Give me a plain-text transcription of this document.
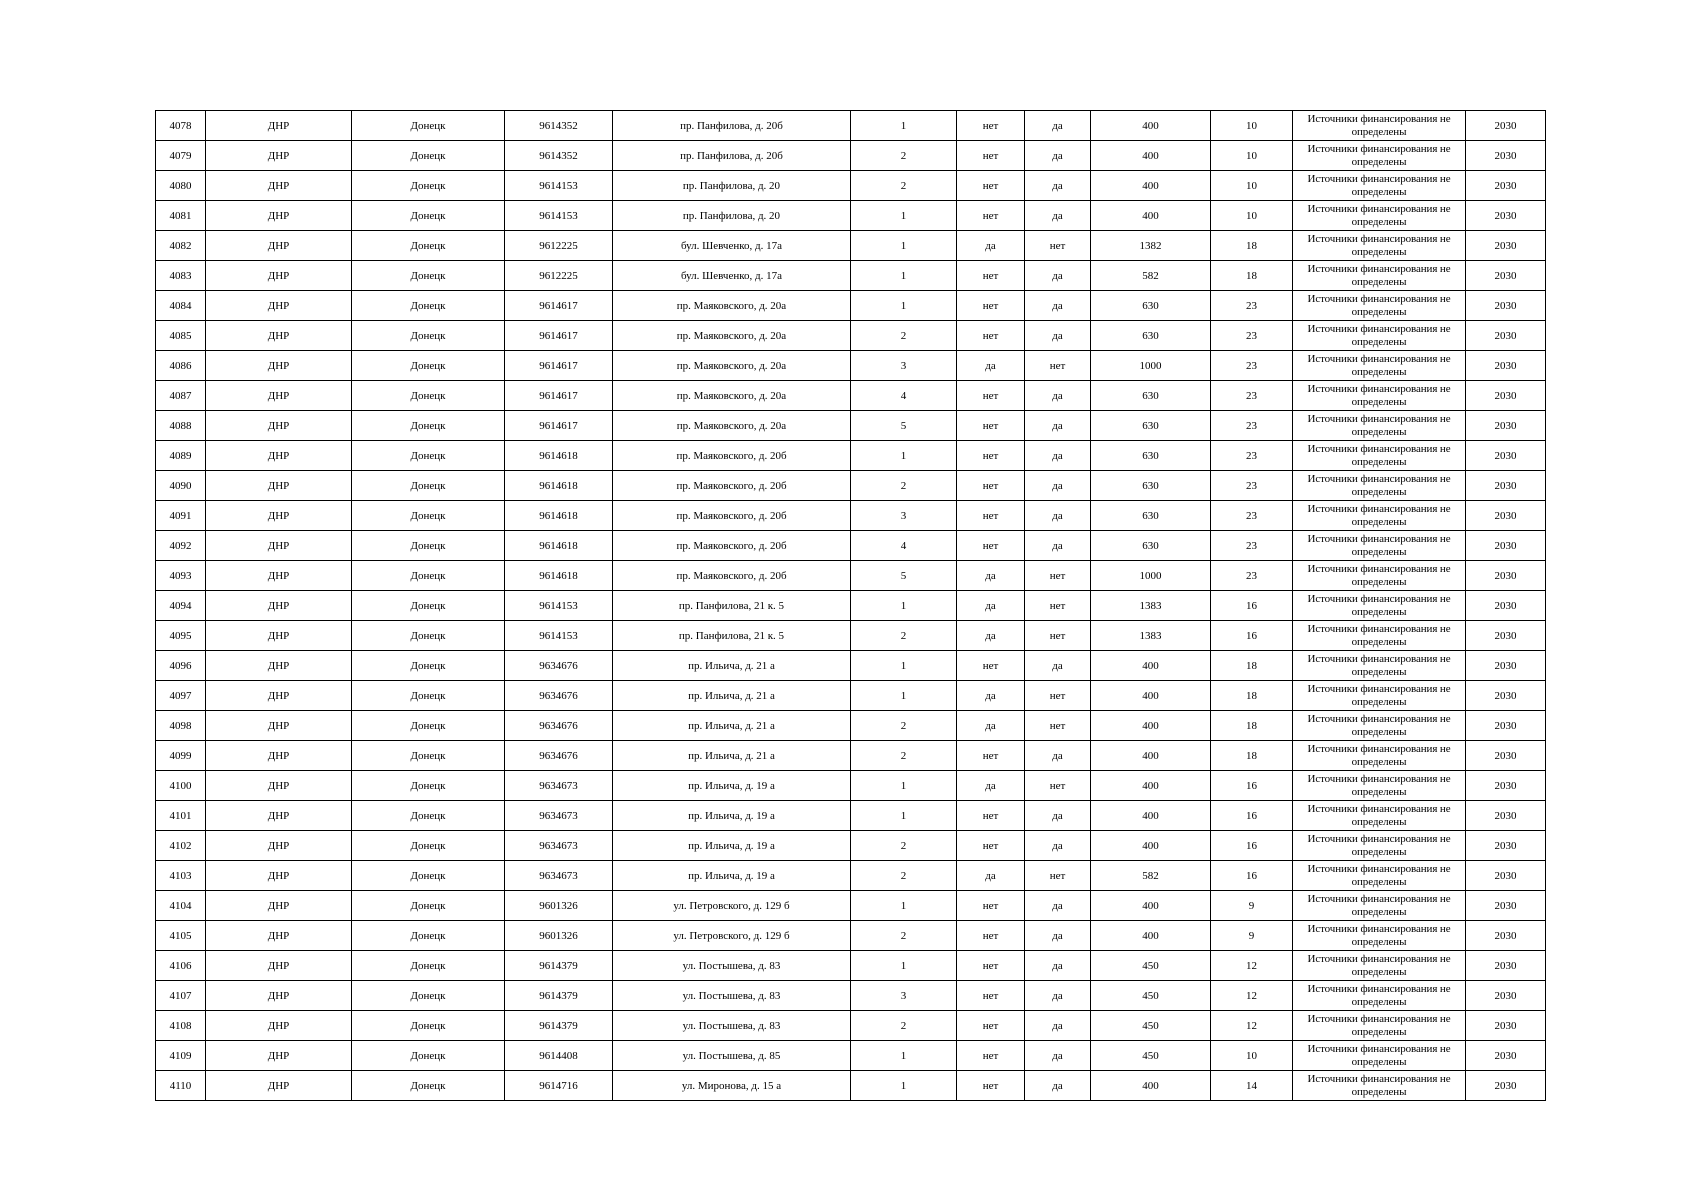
4078	ДНР	Донецк	9614352	пр. Панфилова, д. 20б	1	нет	да	400	10	Источники финансирования не определены	2030
4079	ДНР	Донецк	9614352	пр. Панфилова, д. 20б	2	нет	да	400	10	Источники финансирования не определены	2030
4080	ДНР	Донецк	9614153	пр. Панфилова, д. 20	2	нет	да	400	10	Источники финансирования не определены	2030
4081	ДНР	Донецк	9614153	пр. Панфилова, д. 20	1	нет	да	400	10	Источники финансирования не определены	2030
4082	ДНР	Донецк	9612225	бул. Шевченко, д. 17а	1	да	нет	1382	18	Источники финансирования не определены	2030
4083	ДНР	Донецк	9612225	бул. Шевченко, д. 17а	1	нет	да	582	18	Источники финансирования не определены	2030
4084	ДНР	Донецк	9614617	пр. Маяковского, д. 20а	1	нет	да	630	23	Источники финансирования не определены	2030
4085	ДНР	Донецк	9614617	пр. Маяковского, д. 20а	2	нет	да	630	23	Источники финансирования не определены	2030
4086	ДНР	Донецк	9614617	пр. Маяковского, д. 20а	3	да	нет	1000	23	Источники финансирования не определены	2030
4087	ДНР	Донецк	9614617	пр. Маяковского, д. 20а	4	нет	да	630	23	Источники финансирования не определены	2030
4088	ДНР	Донецк	9614617	пр. Маяковского, д. 20а	5	нет	да	630	23	Источники финансирования не определены	2030
4089	ДНР	Донецк	9614618	пр. Маяковского, д. 20б	1	нет	да	630	23	Источники финансирования не определены	2030
4090	ДНР	Донецк	9614618	пр. Маяковского, д. 20б	2	нет	да	630	23	Источники финансирования не определены	2030
4091	ДНР	Донецк	9614618	пр. Маяковского, д. 20б	3	нет	да	630	23	Источники финансирования не определены	2030
4092	ДНР	Донецк	9614618	пр. Маяковского, д. 20б	4	нет	да	630	23	Источники финансирования не определены	2030
4093	ДНР	Донецк	9614618	пр. Маяковского, д. 20б	5	да	нет	1000	23	Источники финансирования не определены	2030
4094	ДНР	Донецк	9614153	пр. Панфилова, 21 к. 5	1	да	нет	1383	16	Источники финансирования не определены	2030
4095	ДНР	Донецк	9614153	пр. Панфилова, 21 к. 5	2	да	нет	1383	16	Источники финансирования не определены	2030
4096	ДНР	Донецк	9634676	пр. Ильича, д. 21 а	1	нет	да	400	18	Источники финансирования не определены	2030
4097	ДНР	Донецк	9634676	пр. Ильича, д. 21 а	1	да	нет	400	18	Источники финансирования не определены	2030
4098	ДНР	Донецк	9634676	пр. Ильича, д. 21 а	2	да	нет	400	18	Источники финансирования не определены	2030
4099	ДНР	Донецк	9634676	пр. Ильича, д. 21 а	2	нет	да	400	18	Источники финансирования не определены	2030
4100	ДНР	Донецк	9634673	пр. Ильича, д. 19 а	1	да	нет	400	16	Источники финансирования не определены	2030
4101	ДНР	Донецк	9634673	пр. Ильича, д. 19 а	1	нет	да	400	16	Источники финансирования не определены	2030
4102	ДНР	Донецк	9634673	пр. Ильича, д. 19 а	2	нет	да	400	16	Источники финансирования не определены	2030
4103	ДНР	Донецк	9634673	пр. Ильича, д. 19 а	2	да	нет	582	16	Источники финансирования не определены	2030
4104	ДНР	Донецк	9601326	ул. Петровского, д. 129 б	1	нет	да	400	9	Источники финансирования не определены	2030
4105	ДНР	Донецк	9601326	ул. Петровского, д. 129 б	2	нет	да	400	9	Источники финансирования не определены	2030
4106	ДНР	Донецк	9614379	ул. Постышева, д. 83	1	нет	да	450	12	Источники финансирования не определены	2030
4107	ДНР	Донецк	9614379	ул. Постышева, д. 83	3	нет	да	450	12	Источники финансирования не определены	2030
4108	ДНР	Донецк	9614379	ул. Постышева, д. 83	2	нет	да	450	12	Источники финансирования не определены	2030
4109	ДНР	Донецк	9614408	ул. Постышева, д. 85	1	нет	да	450	10	Источники финансирования не определены	2030
4110	ДНР	Донецк	9614716	ул. Миронова, д. 15 а	1	нет	да	400	14	Источники финансирования не определены	2030
